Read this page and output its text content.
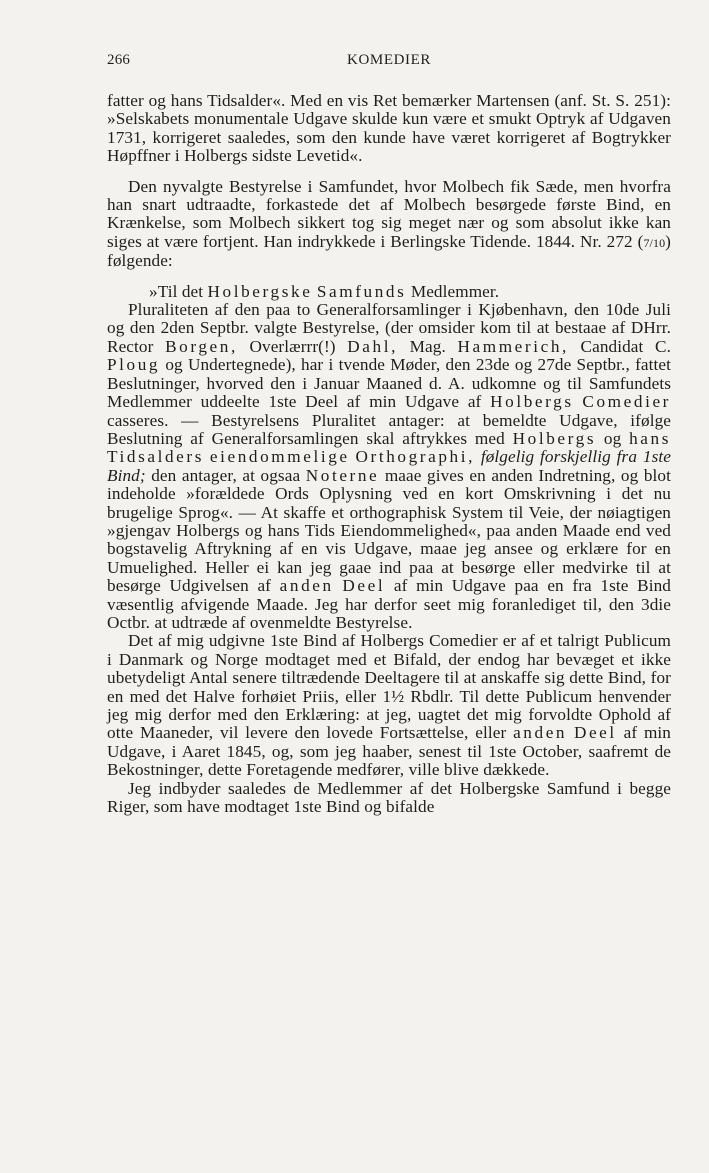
266	KOMEDIER

fatter og hans Tidsalder«. Med en vis Ret bemærker Martensen (anf. St. S. 251): »Selskabets monumentale Udgave skulde kun være et smukt Optryk af Udgaven 1731, korrigeret saaledes, som den kunde have været korrigeret af Bogtrykker Høpffner i Holbergs sidste Levetid«.

Den nyvalgte Bestyrelse i Samfundet, hvor Molbech fik Sæde, men hvorfra han snart udtraadte, forkastede det af Molbech besørgede første Bind, en Krænkelse, som Molbech sikkert tog sig meget nær og som absolut ikke kan siges at være fortjent. Han indrykkede i Berlingske Tidende. 1844. Nr. 272 (7/10) følgende:

»Til det Holbergske Samfunds Medlemmer.

Pluraliteten af den paa to Generalforsamlinger i Kjøbenhavn, den 10de Juli og den 2den Septbr. valgte Bestyrelse, (der omsider kom til at bestaae af DHrr. Rector Borgen, Overlærrr(!) Dahl, Mag. Hammerich, Candidat C. Ploug og Undertegnede), har i tvende Møder, den 23de og 27de Septbr., fattet Beslutninger, hvorved den i Januar Maaned d. A. udkomne og til Samfundets Medlemmer uddeelte 1ste Deel af min Udgave af Holbergs Comedier casseres. — Bestyrelsens Pluralitet antager: at bemeldte Udgave, ifølge Beslutning af Generalforsamlingen skal aftrykkes med Holbergs og hans Tidsalders eiendommelige Orthographi, følgelig forskjellig fra 1ste Bind; den antager, at ogsaa Noterne maae gives en anden Indretning, og blot indeholde »forældede Ords Oplysning ved en kort Omskrivning i det nu brugelige Sprog«. — At skaffe et orthographisk System til Veie, der nøiagtigen »gjengav Holbergs og hans Tids Eiendommelighed«, paa anden Maade end ved bogstavelig Aftrykning af en vis Udgave, maae jeg ansee og erklære for en Umuelighed. Heller ei kan jeg gaae ind paa at besørge eller medvirke til at besørge Udgivelsen af anden Deel af min Udgave paa en fra 1ste Bind væsentlig afvigende Maade. Jeg har derfor seet mig foranlediget til, den 3die Octbr. at udtræde af ovenmeldte Bestyrelse.

Det af mig udgivne 1ste Bind af Holbergs Comedier er af et talrigt Publicum i Danmark og Norge modtaget med et Bifald, der endog har bevæget et ikke ubetydeligt Antal senere tiltrædende Deeltagere til at anskaffe sig dette Bind, for en med det Halve forhøiet Priis, eller 1½ Rbdlr. Til dette Publicum henvender jeg mig derfor med den Erklæring: at jeg, uagtet det mig forvoldte Ophold af otte Maaneder, vil levere den lovede Fortsættelse, eller anden Deel af min Udgave, i Aaret 1845, og, som jeg haaber, senest til 1ste October, saafremt de Bekostninger, dette Foretagende medfører, ville blive dækkede.

Jeg indbyder saaledes de Medlemmer af det Holbergske Samfund i begge Riger, som have modtaget 1ste Bind og bifalde
